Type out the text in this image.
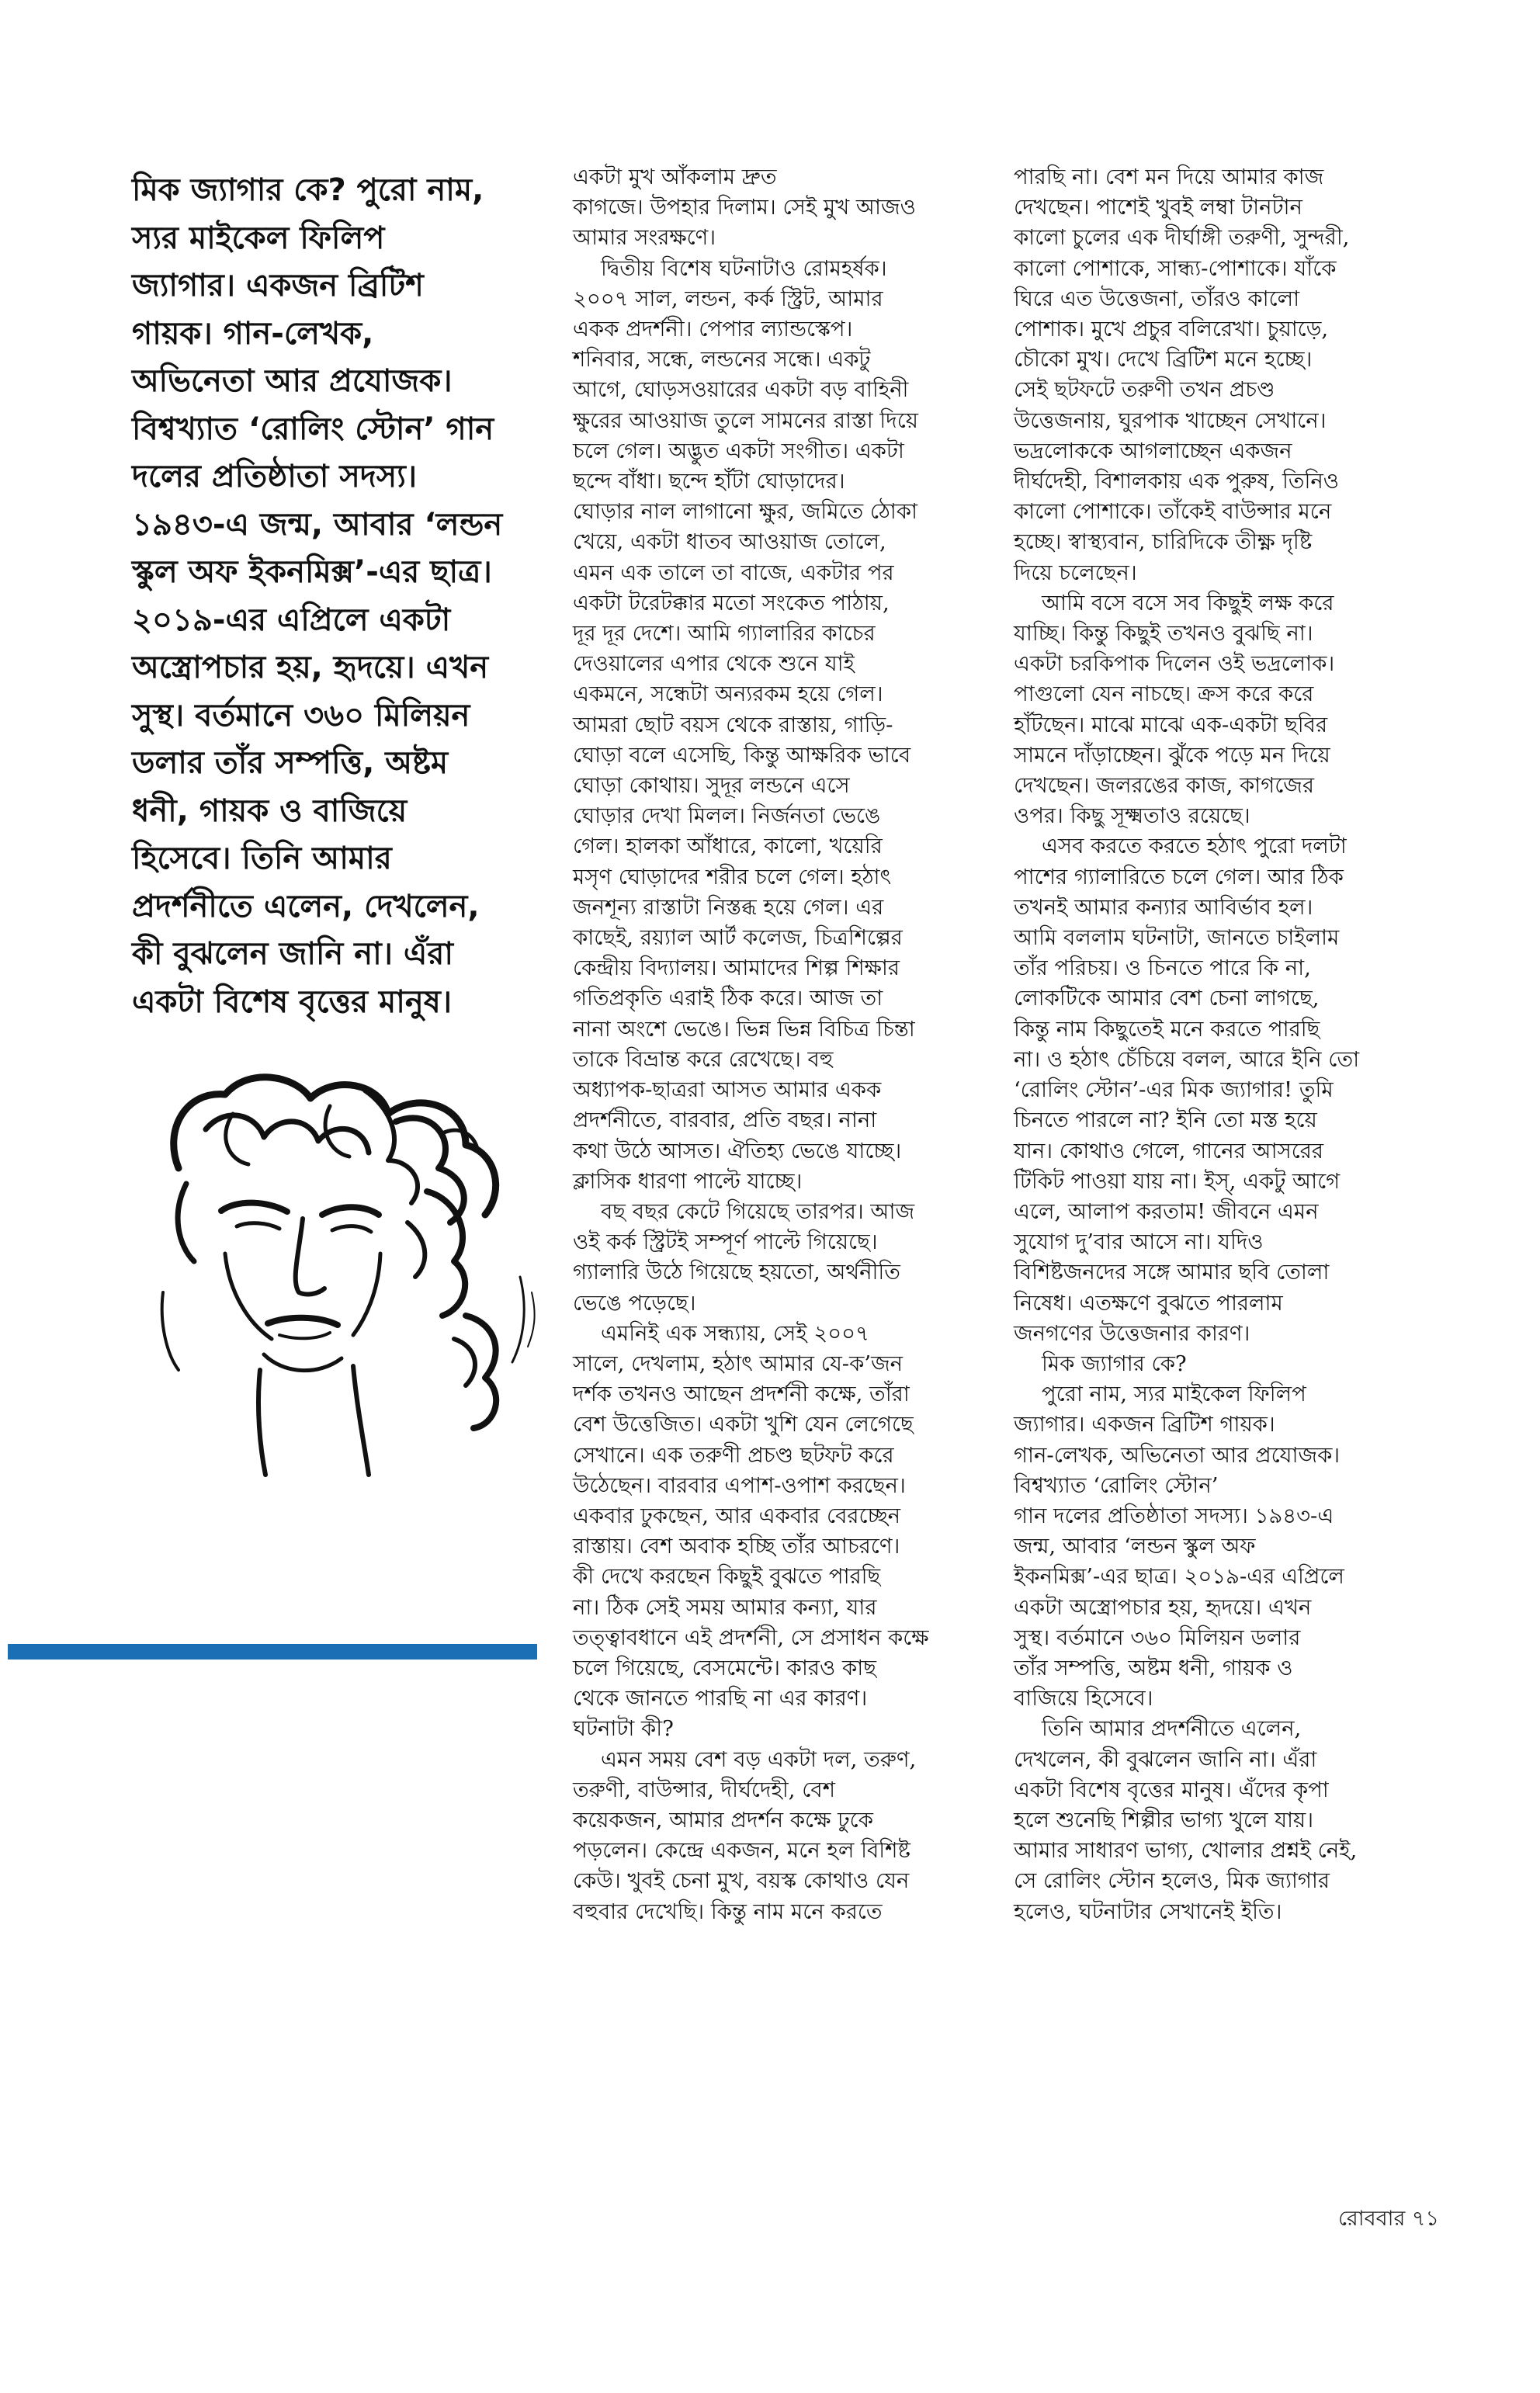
মিক জ্যাগার কে? পুরো নাম,
স্যর মাইকেল ফিলিপ
জ্যাগার। একজন ব্রিটিশ
গায়ক। গান-লেখক,
অভিনেতা আর প্রযোজক।
বিশ্বখ্যাত ‘রোলিং স্টোন’ গান
দলের প্রতিষ্ঠাতা সদস্য।
১৯৪৩-এ জন্ম, আবার ‘লন্ডন
স্কুল অফ ইকনমিক্স’-এর ছাত্র।
২০১৯-এর এপ্রিলে একটা
অস্ত্রোপচার হয়, হৃদয়ে। এখন
সুস্থ। বর্তমানে ৩৬০ মিলিয়ন
ডলার তাঁর সম্পত্তি, অষ্টম
ধনী, গায়ক ও বাজিয়ে
হিসেবে। তিনি আমার
প্রদর্শনীতে এলেন, দেখলেন,
কী বুঝলেন জানি না। এঁরা
একটা বিশেষ বৃত্তের মানুষ।
একটা মুখ আঁকলাম দ্রুত
কাগজে। উপহার দিলাম। সেই মুখ আজও
আমার সংরক্ষণে।
দ্বিতীয় বিশেষ ঘটনাটাও রোমহর্ষক।
২০০৭ সাল, লন্ডন, কর্ক স্ট্রিট, আমার
একক প্রদর্শনী। পেপার ল্যান্ডস্কেপ।
শনিবার, সন্ধে, লন্ডনের সন্ধে। একটু
আগে, ঘোড়সওয়ারের একটা বড় বাহিনী
ক্ষুরের আওয়াজ তুলে সামনের রাস্তা দিয়ে
চলে গেল। অদ্ভুত একটা সংগীত। একটা
ছন্দে বাঁধা। ছন্দে হাঁটা ঘোড়াদের।
ঘোড়ার নাল লাগানো ক্ষুর, জমিতে ঠোকা
খেয়ে, একটা ধাতব আওয়াজ তোলে,
এমন এক তালে তা বাজে, একটার পর
একটা টরেটক্কার মতো সংকেত পাঠায়,
দূর দূর দেশে। আমি গ্যালারির কাচের
দেওয়ালের এপার থেকে শুনে যাই
একমনে, সন্ধেটা অন্যরকম হয়ে গেল।
আমরা ছোট বয়স থেকে রাস্তায়, গাড়ি-
ঘোড়া বলে এসেছি, কিন্তু আক্ষরিক ভাবে
ঘোড়া কোথায়। সুদূর লন্ডনে এসে
ঘোড়ার দেখা মিলল। নির্জনতা ভেঙে
গেল। হালকা আঁধারে, কালো, খয়েরি
মসৃণ ঘোড়াদের শরীর চলে গেল। হঠাৎ
জনশূন্য রাস্তাটা নিস্তব্ধ হয়ে গেল। এর
কাছেই, রয়্যাল আর্ট কলেজ, চিত্রশিল্পের
কেন্দ্রীয় বিদ্যালয়। আমাদের শিল্প শিক্ষার
গতিপ্রকৃতি এরাই ঠিক করে। আজ তা
নানা অংশে ভেঙে। ভিন্ন ভিন্ন বিচিত্র চিন্তা
তাকে বিভ্রান্ত করে রেখেছে। বহু
অধ্যাপক-ছাত্ররা আসত আমার একক
প্রদর্শনীতে, বারবার, প্রতি বছর। নানা
কথা উঠে আসত। ঐতিহ্য ভেঙে যাচ্ছে।
ক্লাসিক ধারণা পাল্টে যাচ্ছে।
বছ বছর কেটে গিয়েছে তারপর। আজ
ওই কর্ক স্ট্রিটই সম্পূর্ণ পাল্টে গিয়েছে।
গ্যালারি উঠে গিয়েছে হয়তো, অর্থনীতি
ভেঙে পড়েছে।
এমনিই এক সন্ধ্যায়, সেই ২০০৭
সালে, দেখলাম, হঠাৎ আমার যে-ক’জন
দর্শক তখনও আছেন প্রদর্শনী কক্ষে, তাঁরা
বেশ উত্তেজিত। একটা খুশি যেন লেগেছে
সেখানে। এক তরুণী প্রচণ্ড ছটফট করে
উঠেছেন। বারবার এপাশ-ওপাশ করছেন।
একবার ঢুকছেন, আর একবার বেরচ্ছেন
রাস্তায়। বেশ অবাক হচ্ছি তাঁর আচরণে।
কী দেখে করছেন কিছুই বুঝতে পারছি
না। ঠিক সেই সময় আমার কন্যা, যার
তত্ত্বাবধানে এই প্রদর্শনী, সে প্রসাধন কক্ষে
চলে গিয়েছে, বেসমেন্টে। কারও কাছ
থেকে জানতে পারছি না এর কারণ।
ঘটনাটা কী?
এমন সময় বেশ বড় একটা দল, তরুণ,
তরুণী, বাউন্সার, দীর্ঘদেহী, বেশ
কয়েকজন, আমার প্রদর্শন কক্ষে ঢুকে
পড়লেন। কেন্দ্রে একজন, মনে হল বিশিষ্ট
কেউ। খুবই চেনা মুখ, বয়স্ক কোথাও যেন
বহুবার দেখেছি। কিন্তু নাম মনে করতে
পারছি না। বেশ মন দিয়ে আমার কাজ
দেখছেন। পাশেই খুবই লম্বা টানটান
কালো চুলের এক দীর্ঘাঙ্গী তরুণী, সুন্দরী,
কালো পোশাকে, সান্ধ্য-পোশাকে। যাঁকে
ঘিরে এত উত্তেজনা, তাঁরও কালো
পোশাক। মুখে প্রচুর বলিরেখা। চুয়াড়ে,
চৌকো মুখ। দেখে ব্রিটিশ মনে হচ্ছে।
সেই ছটফটে তরুণী তখন প্রচণ্ড
উত্তেজনায়, ঘুরপাক খাচ্ছেন সেখানে।
ভদ্রলোককে আগলাচ্ছেন একজন
দীর্ঘদেহী, বিশালকায় এক পুরুষ, তিনিও
কালো পোশাকে। তাঁকেই বাউন্সার মনে
হচ্ছে। স্বাস্থ্যবান, চারিদিকে তীক্ষ্ণ দৃষ্টি
দিয়ে চলেছেন।
আমি বসে বসে সব কিছুই লক্ষ করে
যাচ্ছি। কিন্তু কিছুই তখনও বুঝছি না।
একটা চরকিপাক দিলেন ওই ভদ্রলোক।
পাগুলো যেন নাচছে। ক্রস করে করে
হাঁটছেন। মাঝে মাঝে এক-একটা ছবির
সামনে দাঁড়াচ্ছেন। ঝুঁকে পড়ে মন দিয়ে
দেখছেন। জলরঙের কাজ, কাগজের
ওপর। কিছু সূক্ষ্মতাও রয়েছে।
এসব করতে করতে হঠাৎ পুরো দলটা
পাশের গ্যালারিতে চলে গেল। আর ঠিক
তখনই আমার কন্যার আবির্ভাব হল।
আমি বললাম ঘটনাটা, জানতে চাইলাম
তাঁর পরিচয়। ও চিনতে পারে কি না,
লোকটিকে আমার বেশ চেনা লাগছে,
কিন্তু নাম কিছুতেই মনে করতে পারছি
না। ও হঠাৎ চেঁচিয়ে বলল, আরে ইনি তো
‘রোলিং স্টোন’-এর মিক জ্যাগার! তুমি
চিনতে পারলে না? ইনি তো মস্ত হয়ে
যান। কোথাও গেলে, গানের আসরের
টিকিট পাওয়া যায় না। ইস্, একটু আগে
এলে, আলাপ করতাম! জীবনে এমন
সুযোগ দু’বার আসে না। যদিও
বিশিষ্টজনদের সঙ্গে আমার ছবি তোলা
নিষেধ। এতক্ষণে বুঝতে পারলাম
জনগণের উত্তেজনার কারণ।
মিক জ্যাগার কে?
পুরো নাম, স্যর মাইকেল ফিলিপ
জ্যাগার। একজন ব্রিটিশ গায়ক।
গান-লেখক, অভিনেতা আর প্রযোজক।
বিশ্বখ্যাত ‘রোলিং স্টোন’
গান দলের প্রতিষ্ঠাতা সদস্য। ১৯৪৩-এ
জন্ম, আবার ‘লন্ডন স্কুল অফ
ইকনমিক্স’-এর ছাত্র। ২০১৯-এর এপ্রিলে
একটা অস্ত্রোপচার হয়, হৃদয়ে। এখন
সুস্থ। বর্তমানে ৩৬০ মিলিয়ন ডলার
তাঁর সম্পত্তি, অষ্টম ধনী, গায়ক ও
বাজিয়ে হিসেবে।
তিনি আমার প্রদর্শনীতে এলেন,
দেখলেন, কী বুঝলেন জানি না। এঁরা
একটা বিশেষ বৃত্তের মানুষ। এঁদের কৃপা
হলে শুনেছি শিল্পীর ভাগ্য খুলে যায়।
আমার সাধারণ ভাগ্য, খোলার প্রশ্নই নেই,
সে রোলিং স্টোন হলেও, মিক জ্যাগার
হলেও, ঘটনাটার সেখানেই ইতি।
রোববার ৭১
